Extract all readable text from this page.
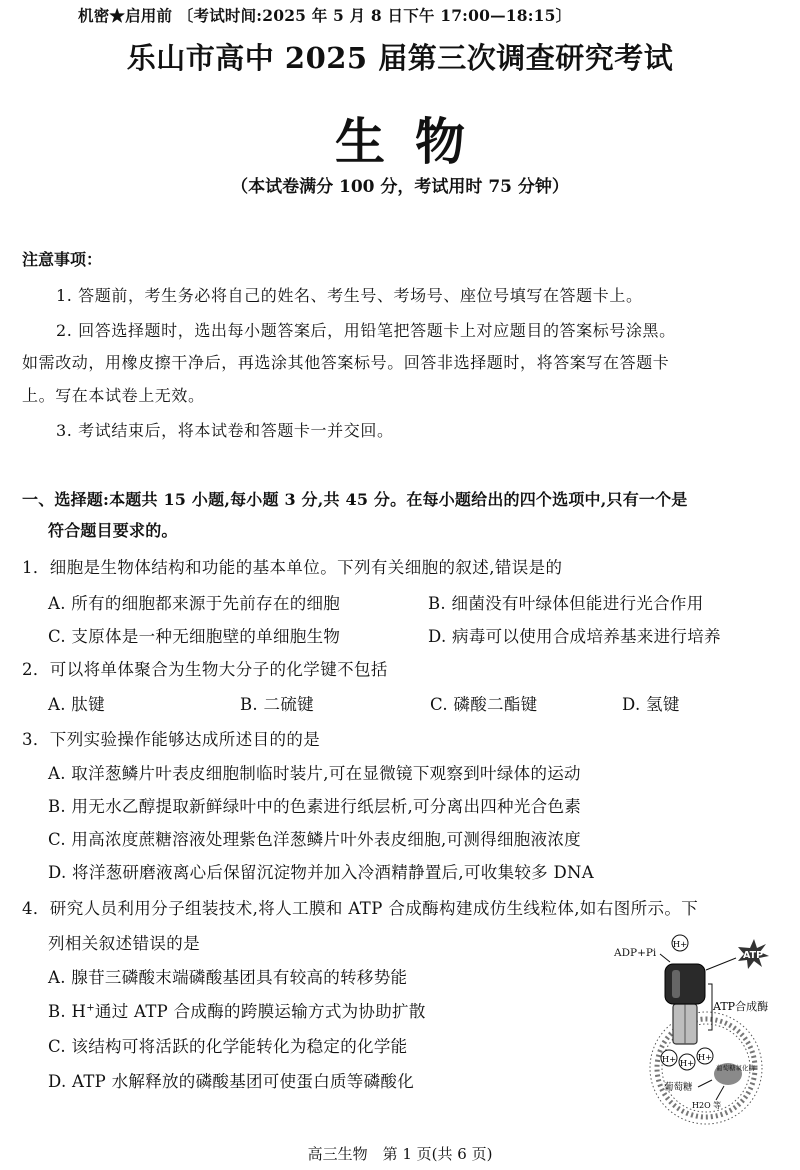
机密★启用前 〔考试时间:2025 年 5 月 8 日下午 17:00—18:15〕
乐山市高中 2025 届第三次调查研究考试
生物
（本试卷满分 100 分，考试用时 75 分钟）
注意事项：
1. 答题前，考生务必将自己的姓名、考生号、考场号、座位号填写在答题卡上。
2. 回答选择题时，选出每小题答案后，用铅笔把答题卡上对应题目的答案标号涂黑。
如需改动，用橡皮擦干净后，再选涂其他答案标号。回答非选择题时，将答案写在答题卡
上。写在本试卷上无效。
3. 考试结束后，将本试卷和答题卡一并交回。
一、选择题:本题共 15 小题,每小题 3 分,共 45 分。在每小题给出的四个选项中,只有一个是
符合题目要求的。
1．细胞是生物体结构和功能的基本单位。下列有关细胞的叙述,错误是的
A. 所有的细胞都来源于先前存在的细胞	B. 细菌没有叶绿体但能进行光合作用
C. 支原体是一种无细胞壁的单细胞生物	D. 病毒可以使用合成培养基来进行培养
2．可以将单体聚合为生物大分子的化学键不包括
A. 肽键	B. 二硫键	C. 磷酸二酯键	D. 氢键
3．下列实验操作能够达成所述目的的是
A. 取洋葱鳞片叶表皮细胞制临时装片,可在显微镜下观察到叶绿体的运动
B. 用无水乙醇提取新鲜绿叶中的色素进行纸层析,可分离出四种光合色素
C. 用高浓度蔗糖溶液处理紫色洋葱鳞片叶外表皮细胞,可测得细胞液浓度
D. 将洋葱研磨液离心后保留沉淀物并加入冷酒精静置后,可收集较多 DNA
4．研究人员利用分子组装技术,将人工膜和 ATP 合成酶构建成仿生线粒体,如右图所示。下
列相关叙述错误的是
A. 腺苷三磷酸末端磷酸基团具有较高的转移势能
B. H+通过 ATP 合成酶的跨膜运输方式为协助扩散
C. 该结构可将活跃的化学能转化为稳定的化学能
D. ATP 水解释放的磷酸基团可使蛋白质等磷酸化
ADP+Pi
H+
ATP
ATP合成酶
H+ H+
H+
葡萄糖氧化酶
葡萄糖
H2O 等
高三生物　第 1 页(共 6 页)
